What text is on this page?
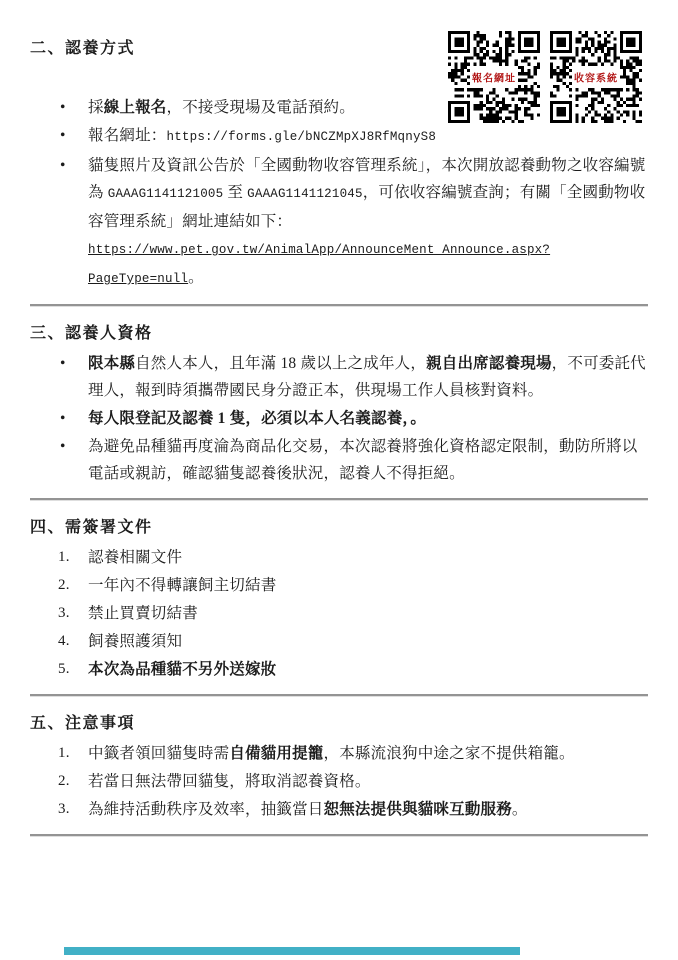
報名網址	收容系統
二、認養方式
• 採線上報名，不接受現場及電話預約。
• 報名網址：https://forms.gle/bNCZMpXJ8RfMqnyS8
• 貓隻照片及資訊公告於「全國動物收容管理系統」，本次開放認養動物之收容編號為 GAAAG1141121005 至 GAAAG1141121045，可依收容編號查詢；有關「全國動物收容管理系統」網址連結如下：https://www.pet.gov.tw/AnimalApp/AnnounceMent_Announce.aspx?PageType=null。
三、認養人資格
• 限本縣自然人本人，且年滿 18 歲以上之成年人，親自出席認養現場，不可委託代理人，報到時須攜帶國民身分證正本，供現場工作人員核對資料。
• 每人限登記及認養 1 隻，必須以本人名義認養，。
• 為避免品種貓再度淪為商品化交易，本次認養將強化資格認定限制，動防所將以電話或親訪，確認貓隻認養後狀況，認養人不得拒絕。
四、需簽署文件
1. 認養相關文件
2. 一年內不得轉讓飼主切結書
3. 禁止買賣切結書
4. 飼養照護須知
5. 本次為品種貓不另外送嫁妝
五、注意事項
1. 中籤者領回貓隻時需自備貓用提籠，本縣流浪狗中途之家不提供箱籠。
2. 若當日無法帶回貓隻，將取消認養資格。
3. 為維持活動秩序及效率，抽籤當日恕無法提供與貓咪互動服務。
